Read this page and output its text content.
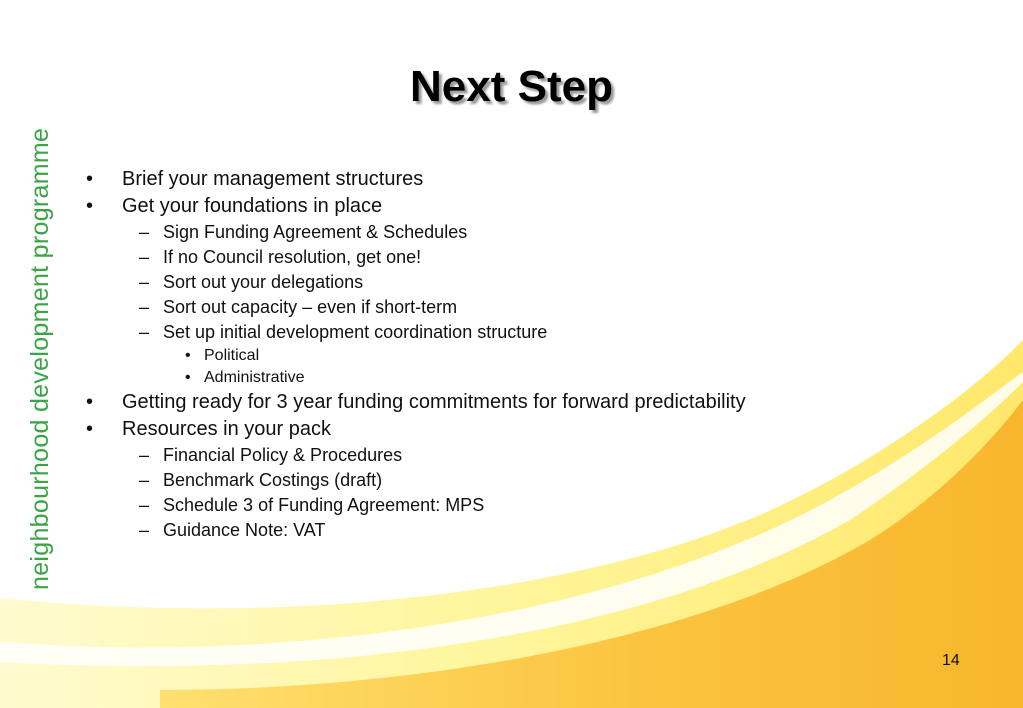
neighbourhood development programme
Next Step
• Brief your management structures
• Get your foundations in place
– Sign Funding Agreement & Schedules
– If no Council resolution, get one!
– Sort out your delegations
– Sort out capacity – even if short-term
– Set up initial development coordination structure
• Political
• Administrative
• Getting ready for 3 year funding commitments for forward predictability
• Resources in your pack
– Financial Policy & Procedures
– Benchmark Costings (draft)
– Schedule 3 of Funding Agreement: MPS
– Guidance Note: VAT
14
